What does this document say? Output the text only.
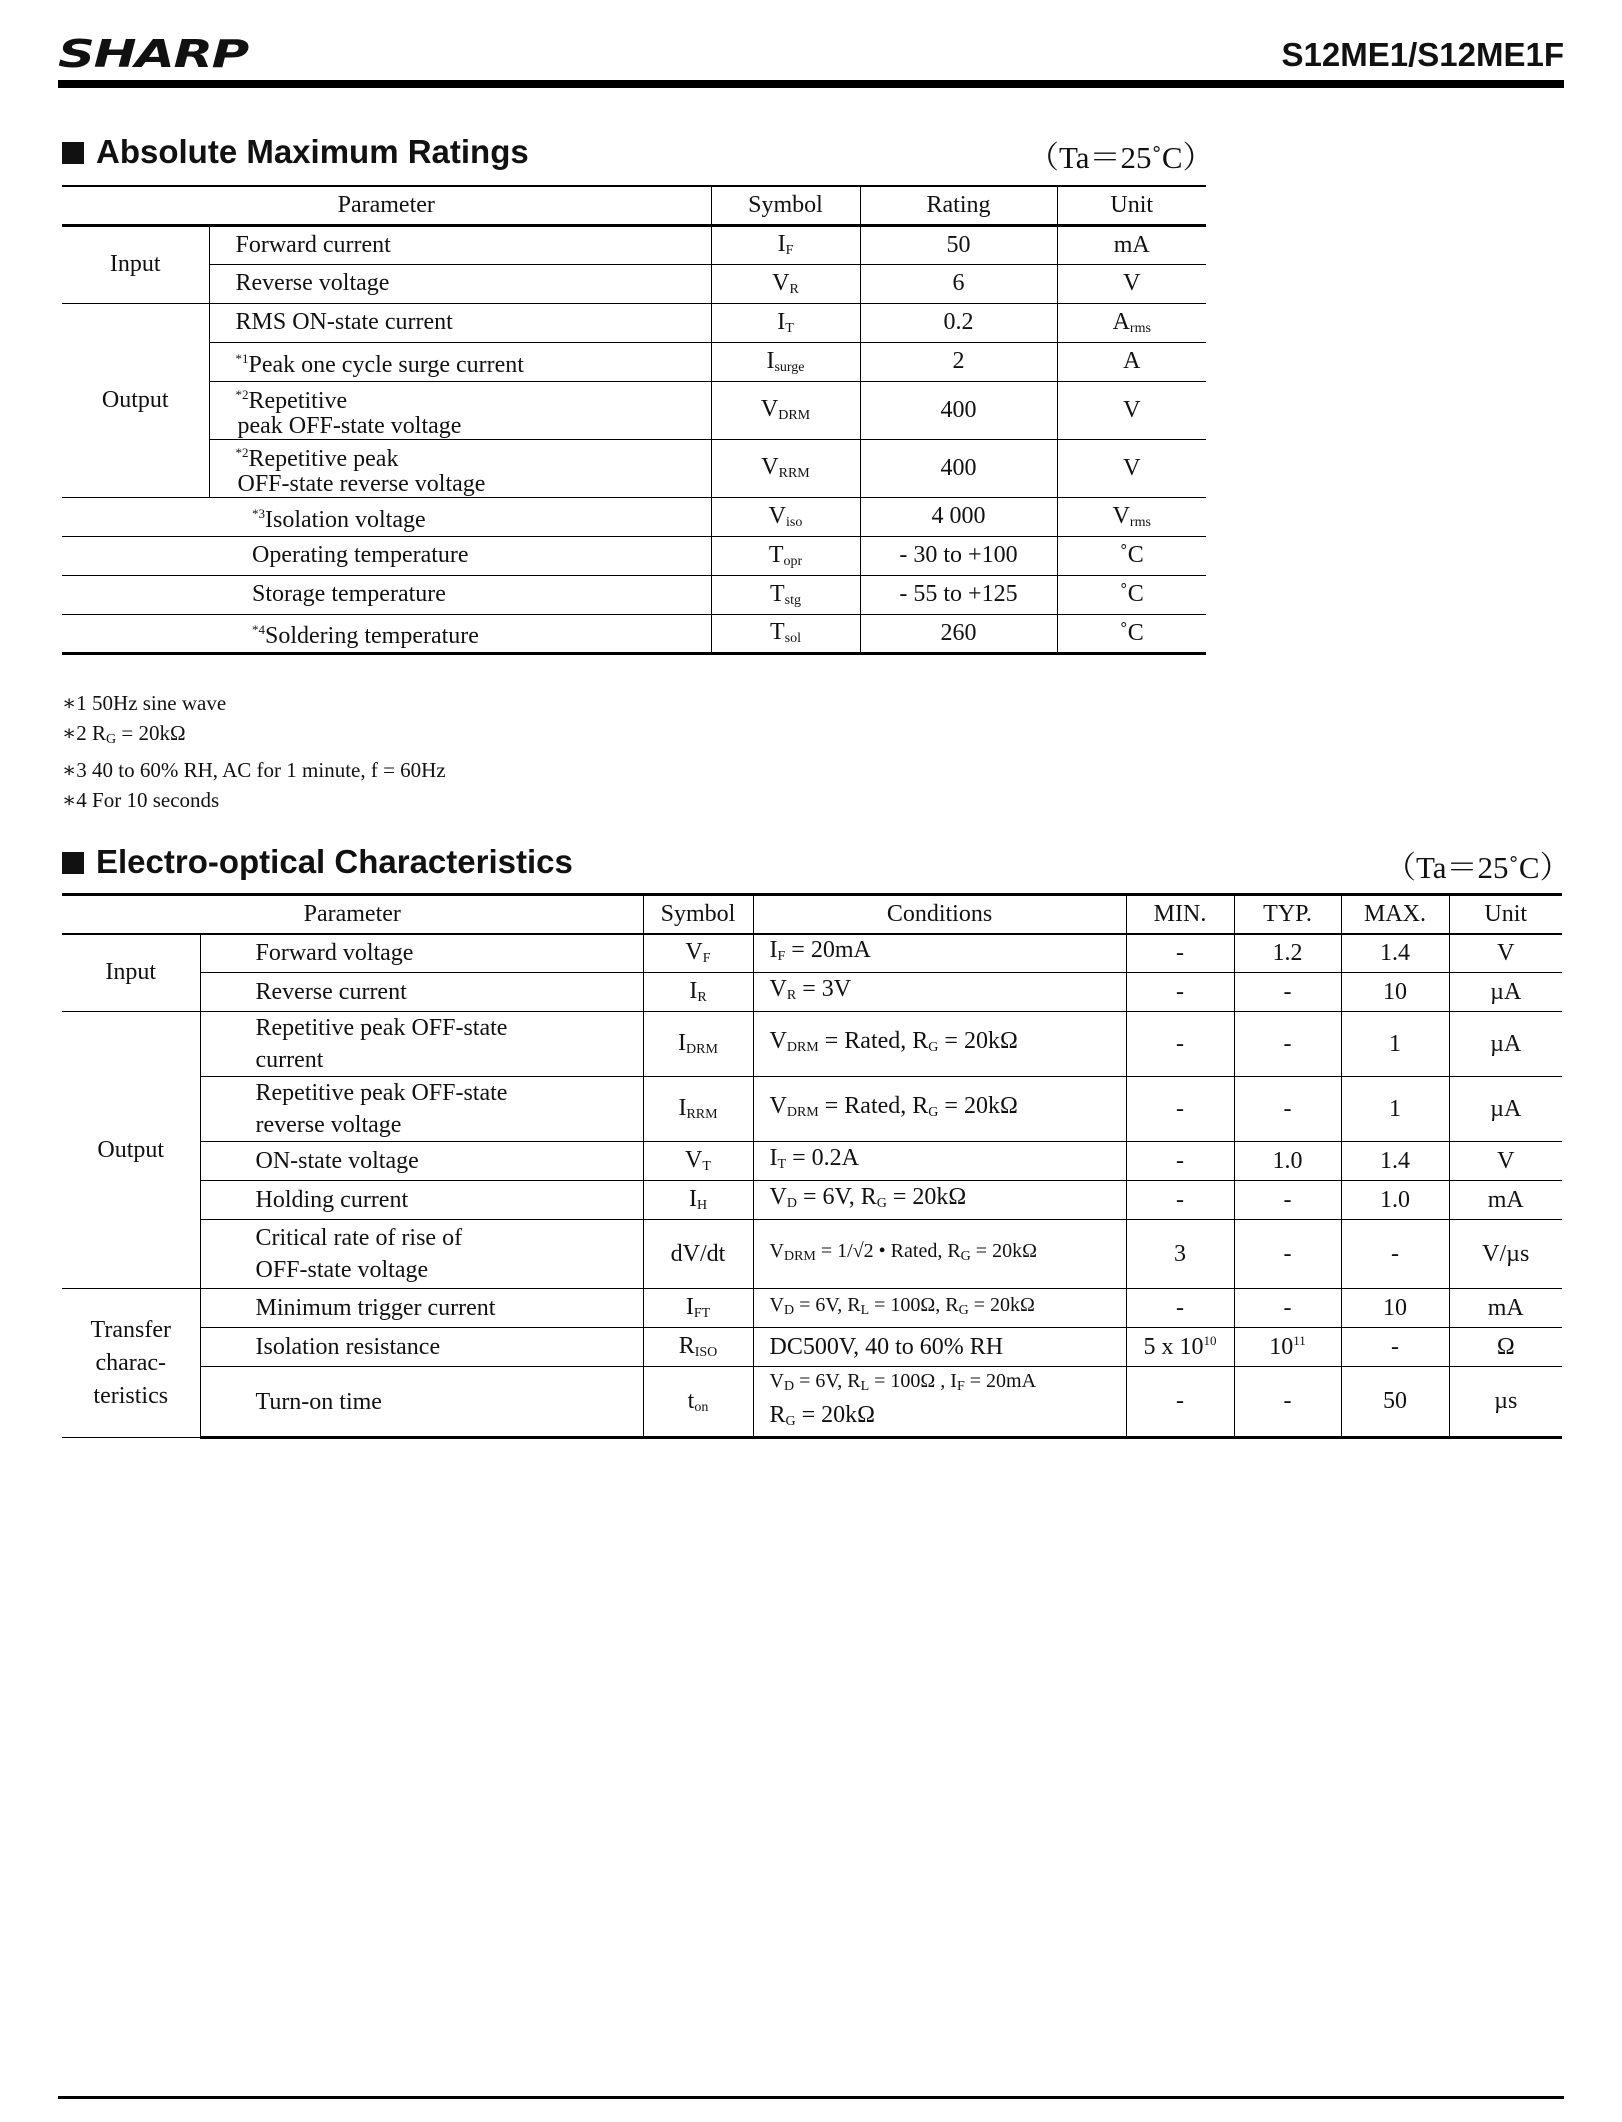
SHARP	S12ME1/S12ME1F
Absolute Maximum Ratings	（Ta＝25˚C）
Parameter		Symbol	Rating	Unit
Input	Forward current	$I_F$	50	mA
	Reverse voltage	$V_R$	6	V
Output	RMS ON-state current	$I_T$	0.2	$A_{rms}$
	$^{*1}$Peak one cycle surge current	$I_{surge}$	2	A
	$^{*2}$Repetitive
peak OFF-state voltage	$V_{DRM}$	400	V
	$^{*2}$Repetitive peak
OFF-state reverse voltage	$V_{RRM}$	400	V
$^{*3}$Isolation voltage		$V_{iso}$	4 000	$V_{rms}$
Operating temperature		$T_{opr}$	- 30 to +100	˚C
Storage temperature		$T_{stg}$	- 55 to +125	˚C
$^{*4}$Soldering temperature		$T_{sol}$	260	˚C
∗1 50Hz sine wave
∗2 $R_G = 20k\Omega$
∗3 40 to 60% RH, AC for 1 minute, f = 60Hz
∗4 For 10 seconds
Electro-optical Characteristics	（Ta＝25˚C）
Parameter		Symbol	Conditions	MIN.	TYP.	MAX.	Unit
Input	Forward voltage	$V_F$	$I_F = 20mA$	-	1.2	1.4	V
	Reverse current	$I_R$	$V_R = 3V$	-	-	10	µA
Output	Repetitive peak OFF-state
current	$I_{DRM}$	$V_{DRM}$ = Rated, $R_G = 20k\Omega$	-	-	1	µA
	Repetitive peak OFF-state
reverse voltage	$I_{RRM}$	$V_{DRM}$ = Rated, $R_G = 20k\Omega$	-	-	1	µA
	ON-state voltage	$V_T$	$I_T = 0.2A$	-	1.0	1.4	V
	Holding current	$I_H$	$V_D = 6V$, $R_G = 20k\Omega$	-	-	1.0	mA
	Critical rate of rise of
OFF-state voltage	dV/dt	$V_{DRM} = 1/√2$ • Rated, $R_G = 20k\Omega$	3	-	-	V/µs
Transfer
charac-
teristics	Minimum trigger current	$I_{FT}$	$V_D = 6V$, $R_L = 100\Omega$, $R_G = 20k\Omega$	-	-	10	mA
	Isolation resistance	$R_{ISO}$	DC500V, 40 to 60% RH	5 x $10^{10}$	$10^{11}$	-	Ω
	Turn-on time	$t_{on}$	$V_D = 6V$, $R_L = 100\Omega$ , $I_F = 20mA$
$R_G = 20k\Omega$	-	-	50	µs
